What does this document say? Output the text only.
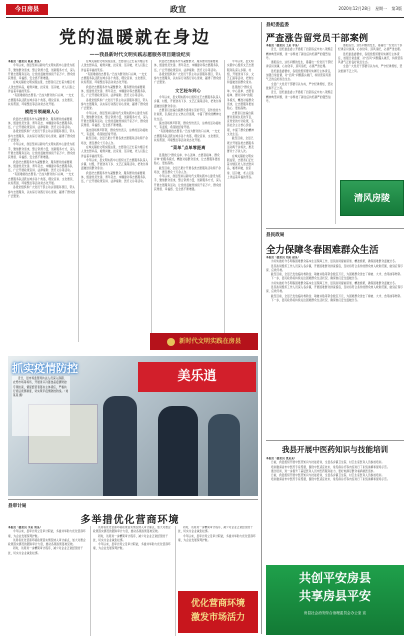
今日房县	政宣	2020年12月28日 星期一 第3版
党的温暖就在身边
——我县新时代文明实践志愿服务项目建设纪实
本报讯（通讯员 陈某 张某）

今年以来，我县坚持以新时代文明实践中心建设为抓手，聚焦群众需求，整合资源力量，创新服务方式，深入开展志愿服务活动，让党的温暖传递到千家万户，群众的获得感、幸福感、安全感不断增强。

在城关镇的文明实践站里，志愿者们正忙着为辖区老人送去慰问品，嘘寒问暖，拉家常、话冷暖，老人们脸上洋溢着幸福的笑容。

“有困难就找志愿者。”已成为群众的口头禅，一支支志愿服务队活跃在城乡各个角落，理论宣讲、文化惠民、扶贫帮困、环境整治等活动常态化开展。

模范引领凝聚人心

我县把志愿服务作为凝聚群众、服务群众的重要载体，组建党员先锋、青年突击、巾帼建功等志愿服务队伍，广泛开展政策宣讲、法律援助、医疗义诊等活动。

各级党组织和广大党员干部主动认领服务项目，带头参与志愿服务，以实际行动践行初心使命，赢得了群众的广泛赞誉。

今年以来，我县坚持以新时代文明实践中心建设为抓手，聚焦群众需求，整合资源力量，创新服务方式，深入开展志愿服务活动，让党的温暖传递到千家万户，群众的获得感、幸福感、安全感不断增强。

我县把志愿服务作为凝聚群众、服务群众的重要载体，组建党员先锋、青年突击、巾帼建功等志愿服务队伍，广泛开展政策宣讲、法律援助、医疗义诊等活动。

“有困难就找志愿者。”已成为群众的口头禅，一支支志愿服务队活跃在城乡各个角落，理论宣讲、文化惠民、扶贫帮困、环境整治等活动常态化开展。

各级党组织和广大党员干部主动认领服务项目，带头参与志愿服务，以实际行动践行初心使命，赢得了群众的广泛赞誉。

在城关镇的文明实践站里，志愿者们正忙着为辖区老人送去慰问品，嘘寒问暖，拉家常、话冷暖，老人们脸上洋溢着幸福的笑容。

“有困难就找志愿者。”已成为群众的口头禅，一支支志愿服务队活跃在城乡各个角落，理论宣讲、文化惠民、扶贫帮困、环境整治等活动常态化开展。

我县把志愿服务作为凝聚群众、服务群众的重要载体，组建党员先锋、青年突击、巾帼建功等志愿服务队伍，广泛开展政策宣讲、法律援助、医疗义诊等活动。

各级党组织和广大党员干部主动认领服务项目，带头参与志愿服务，以实际行动践行初心使命，赢得了群众的广泛赞誉。

今年以来，我县坚持以新时代文明实践中心建设为抓手，聚焦群众需求，整合资源力量，创新服务方式，深入开展志愿服务活动，让党的温暖传递到千家万户，群众的获得感、幸福感、安全感不断增强。

演出现场掌声阵阵，群众纷纷表示，这样的活动接地气、有温度，希望能经常开展。

截至目前，全县已累计开展各类志愿服务活动两千余场次，惠及群众十万余人次。

在城关镇的文明实践站里，志愿者们正忙着为辖区老人送去慰问品，嘘寒问暖，拉家常、话冷暖，老人们脸上洋溢着幸福的笑容。

今年以来，县文明实践中心组织文艺志愿服务队深入乡镇、村组，开展送戏下乡、文艺汇演等活动，把欢乐和温暖送到群众身边。

我县把志愿服务作为凝聚群众、服务群众的重要载体，组建党员先锋、青年突击、巾帼建功等志愿服务队伍，广泛开展政策宣讲、法律援助、医疗义诊等活动。

我县把志愿服务作为凝聚群众、服务群众的重要载体，组建党员先锋、青年突击、巾帼建功等志愿服务队伍，广泛开展政策宣讲、法律援助、医疗义诊等活动。

各级党组织和广大党员干部主动认领服务项目，带头参与志愿服务，以实际行动践行初心使命，赢得了群众的广泛赞誉。

文艺轻车到心

今年以来，县文明实践中心组织文艺志愿服务队深入乡镇、村组，开展送戏下乡、文艺汇演等活动，把欢乐和温暖送到群众身边。

志愿者们自编自演群众喜闻乐见的节目，宣传党的方针政策，弘扬社会主义核心价值观，丰富了群众的精神文化生活。

演出现场掌声阵阵，群众纷纷表示，这样的活动接地气、有温度，希望能经常开展。

“有困难就找志愿者。”已成为群众的口头禅，一支支志愿服务队活跃在城乡各个角落，理论宣讲、文化惠民、扶贫帮困、环境整治等活动常态化开展。

“菜单”点单零距离

县里推行“群众点单、中心派单、志愿者接单、群众评单”的服务模式，精准对接群众需求，让志愿服务更加贴心、更加高效。

截至目前，全县已累计开展各类志愿服务活动两千余场次，惠及群众十万余人次。

今年以来，我县坚持以新时代文明实践中心建设为抓手，聚焦群众需求，整合资源力量，创新服务方式，深入开展志愿服务活动，让党的温暖传递到千家万户，群众的获得感、幸福感、安全感不断增强。

今年以来，县文明实践中心组织文艺志愿服务队深入乡镇、村组，开展送戏下乡、文艺汇演等活动，把欢乐和温暖送到群众身边。

县里推行“群众点单、中心派单、志愿者接单、群众评单”的服务模式，精准对接群众需求，让志愿服务更加贴心、更加高效。

志愿者们自编自演群众喜闻乐见的节目，宣传党的方针政策，弘扬社会主义核心价值观，丰富了群众的精神文化生活。

截至目前，全县已累计开展各类志愿服务活动两千余场次，惠及群众十万余人次。

在城关镇的文明实践站里，志愿者们正忙着为辖区老人送去慰问品，嘘寒问暖，拉家常、话冷暖，老人们脸上洋溢着幸福的笑容。

新时代文明实践在房县
美乐逍
抓实疫情防控

近日，县市场监管局执法人员深入商超、农贸市场等场所，开展进口冷链食品疫情防控专项检查，督促经营者落实主体责任，严格执行索证索票制度，切实筑牢疫情防控防线。（刘某某 摄）

县审计局
多举措优化营商环境
本报讯（通讯员 李某 周某）

今年以来，县审计局立足审计职能，多措并举助力优化营商环境，为企业发展保驾护航。

该局将优化营商环境政策落实情况纳入审计重点，加大对惠企政策落实情况的跟踪审计力度，推动各项政策落地见效。

同时，该局进一步精简审计程序，减少对企业正常经营的干扰，切实为企业减负松绑。

该局将优化营商环境政策落实情况纳入审计重点，加大对惠企政策落实情况的跟踪审计力度，推动各项政策落地见效。

同时，该局进一步精简审计程序，减少对企业正常经营的干扰，切实为企业减负松绑。

今年以来，县审计局立足审计职能，多措并举助力优化营商环境，为企业发展保驾护航。

同时，该局进一步精简审计程序，减少对企业正常经营的干扰，切实为企业减负松绑。

今年以来，县审计局立足审计职能，多措并举助力优化营商环境，为企业发展保驾护航。

优化营商环境
激发市场活力
县纪委监委
严查涨告留党员干部案例
本报讯（通讯员 王某 李某）

近日，县纪委监委公开通报了四起违反中央八项规定精神典型问题，进一步释放了越往后执纪越严的强烈信号。

通报指出，这些问题的发生，暴露出一些党员干部纪律意识淡薄，心存侥幸，顶风违纪，必须严肃处理。

县纪委监委要求，各级党组织要切实履行主体责任，加强日常监督，对“四风”问题露头就打，持续营造风清气正的良好政治生态。

全县广大党员干部要引以为戒，严守纪律规矩，坚决抵制不正之风。

近日，县纪委监委公开通报了四起违反中央八项规定精神典型问题，进一步释放了越往后执纪越严的强烈信号。

通报指出，这些问题的发生，暴露出一些党员干部纪律意识淡薄，心存侥幸，顶风违纪，必须严肃处理。

县纪委监委要求，各级党组织要切实履行主体责任，加强日常监督，对“四风”问题露头就打，持续营造风清气正的良好政治生态。

全县广大党员干部要引以为戒，严守纪律规矩，坚决抵制不正之风。

清风房陵
县民政局
全力保障冬春困难群众生活
本报讯（通讯员 刘某 赵某）

为切实做好今冬明春困难群众基本生活保障工作，县民政局提前谋划、精准施策，确保困难群众温暖过冬。

县民政局组织工作人员深入各乡镇，开展困难群众排查摸底，及时将符合条件的群众纳入救助范围，做到应保尽保、应救尽救。

截至目前，全县已发放临时救助金、取暖补贴等资金数百万元，为困难群众送去了棉被、大米、食用油等物资。

下一步，县民政局将持续关注困难群众生活状况，确保他们安全温暖过冬。

为切实做好今冬明春困难群众基本生活保障工作，县民政局提前谋划、精准施策，确保困难群众温暖过冬。

县民政局组织工作人员深入各乡镇，开展困难群众排查摸底，及时将符合条件的群众纳入救助范围，做到应保尽保、应救尽救。

截至目前，全县已发放临时救助金、取暖补贴等资金数百万元，为困难群众送去了棉被、大米、食用油等物资。

下一步，县民政局将持续关注困难群众生活状况，确保他们安全温暖过冬。

我县开展中医药知识与技能培训
本报讯（通讯员 张某某）

日前，我县组织开展中医药知识与技能培训，全县各乡镇卫生院、村卫生室医务人员参加培训。

培训邀请省市中医药专家授课，围绕中医适宜技术、常见病诊疗等内容进行了系统讲解和现场示范。

通过培训，进一步提升了基层医务人员中医药服务能力，更好地满足群众看病就医需求。

日前，我县组织开展中医药知识与技能培训，全县各乡镇卫生院、村卫生室医务人员参加培训。

培训邀请省市中医药专家授课，围绕中医适宜技术、常见病诊疗等内容进行了系统讲解和现场示范。

共创平安房县
共享房县平安
房县社会治安综合治理委员会办公室 宣
